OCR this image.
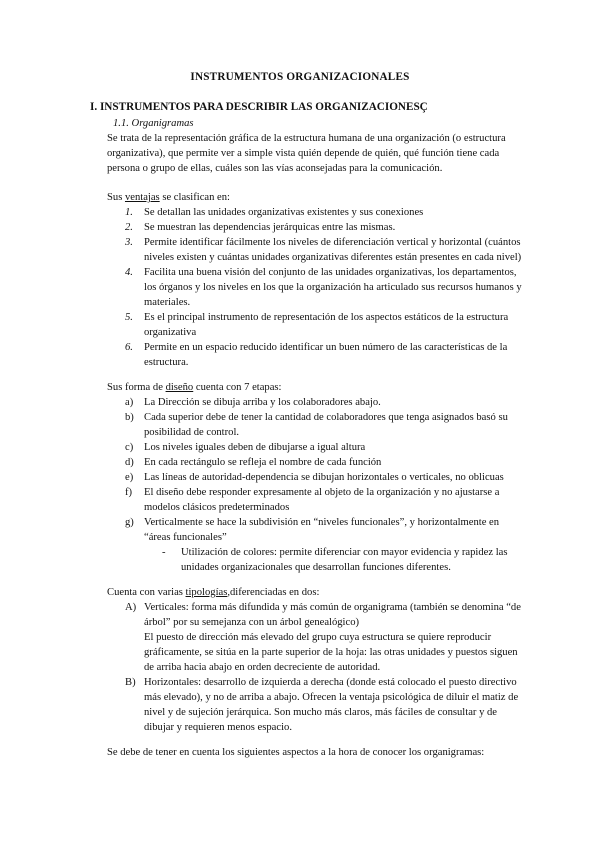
INSTRUMENTOS ORGANIZACIONALES
I. INSTRUMENTOS PARA DESCRIBIR LAS ORGANIZACIONESÇ
1.1. Organigramas
Se trata de la representación gráfica de la estructura humana de una organización (o estructura organizativa), que permite ver a simple vista quién depende de quién, qué función tiene cada persona o grupo de ellas, cuáles son las vías aconsejadas para la comunicación.
Sus ventajas se clasifican en:
1. Se detallan las unidades organizativas existentes y sus conexiones
2. Se muestran las dependencias jerárquicas entre las mismas.
3. Permite identificar fácilmente los niveles de diferenciación vertical y horizontal (cuántos niveles existen y cuántas unidades organizativas diferentes están presentes en cada nivel)
4. Facilita una buena visión del conjunto de las unidades organizativas, los departamentos, los órganos y los niveles en los que la organización ha articulado sus recursos humanos y materiales.
5. Es el principal instrumento de representación de los aspectos estáticos de la estructura organizativa
6. Permite en un espacio reducido identificar un buen número de las características de la estructura.
Sus forma de diseño cuenta con 7 etapas:
a) La Dirección se dibuja arriba y los colaboradores abajo.
b) Cada superior debe de tener la cantidad de colaboradores que tenga asignados basó su posibilidad de control.
c) Los niveles iguales deben de dibujarse a igual altura
d) En cada rectángulo se refleja el nombre de cada función
e) Las líneas de autoridad-dependencia se dibujan horizontales o verticales, no oblicuas
f) El diseño debe responder expresamente al objeto de la organización y no ajustarse a modelos clásicos predeterminados
g) Verticalmente se hace la subdivisión en “niveles funcionales”, y horizontalmente en “áreas funcionales”
- Utilización de colores: permite diferenciar con mayor evidencia y rapidez las unidades organizacionales que desarrollan funciones diferentes.
Cuenta con varias tipologías,diferenciadas en dos:
A) Verticales: forma más difundida y más común de organigrama (también se denomina “de árbol” por su semejanza con un árbol genealógico)
El puesto de dirección más elevado del grupo cuya estructura se quiere reproducir gráficamente, se sitúa en la parte superior de la hoja: las otras unidades y puestos siguen de arriba hacia abajo en orden decreciente de autoridad.
B) Horizontales: desarrollo de izquierda a derecha (donde está colocado el puesto directivo más elevado), y no de arriba a abajo. Ofrecen la ventaja psicológica de diluir el matiz de nivel y de sujeción jerárquica. Son mucho más claros, más fáciles de consultar y de dibujar y requieren menos espacio.
Se debe de tener en cuenta los siguientes aspectos a la hora de conocer los organigramas:
